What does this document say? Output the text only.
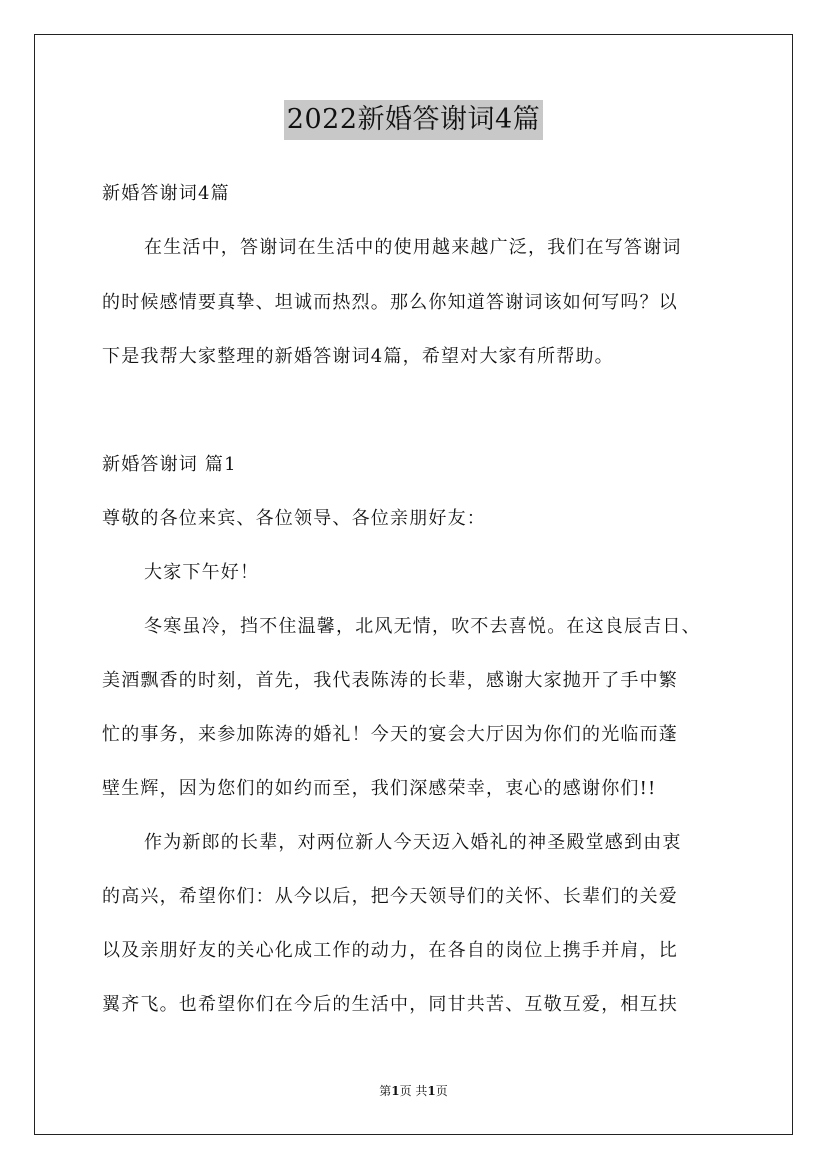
2022新婚答谢词4篇
新婚答谢词4篇
在生活中，答谢词在生活中的使用越来越广泛，我们在写答谢词
的时候感情要真挚、坦诚而热烈。那么你知道答谢词该如何写吗？以
下是我帮大家整理的新婚答谢词4篇，希望对大家有所帮助。
新婚答谢词 篇1
尊敬的各位来宾、各位领导、各位亲朋好友：
大家下午好！
冬寒虽冷，挡不住温馨，北风无情，吹不去喜悦。在这良辰吉日、
美酒飘香的时刻，首先，我代表陈涛的长辈，感谢大家抛开了手中繁
忙的事务，来参加陈涛的婚礼！今天的宴会大厅因为你们的光临而蓬
壁生辉，因为您们的如约而至，我们深感荣幸，衷心的感谢你们!!
作为新郎的长辈，对两位新人今天迈入婚礼的神圣殿堂感到由衷
的高兴，希望你们：从今以后，把今天领导们的关怀、长辈们的关爱
以及亲朋好友的关心化成工作的动力，在各自的岗位上携手并肩，比
翼齐飞。也希望你们在今后的生活中，同甘共苦、互敬互爱，相互扶
第1页 共1页
